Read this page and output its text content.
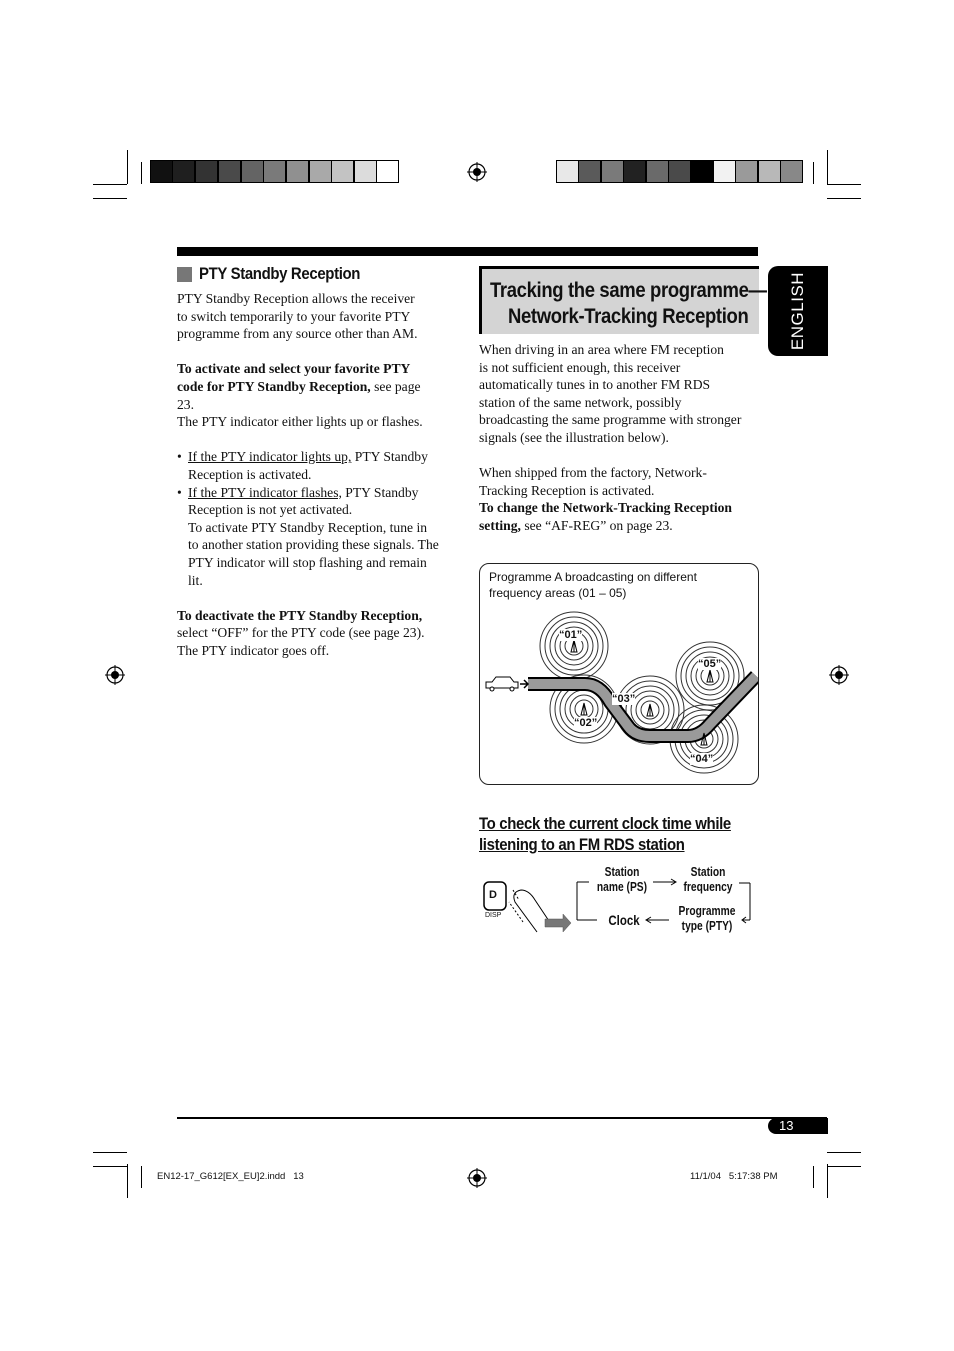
ENGLISH
PTY Standby Reception

PTY Standby Reception allows the receiver

to switch temporarily to your favorite PTY

programme from any source other than AM.

To activate and select your favorite PTY

code for PTY Standby Reception, see page

23.

The PTY indicator either lights up or flashes.

• If the PTY indicator lights up, PTY Standby

Reception is activated.

• If the PTY indicator flashes, PTY Standby

Reception is not yet activated.

To activate PTY Standby Reception, tune in

to another station providing these signals. The

PTY indicator will stop flashing and remain

lit.

To deactivate the PTY Standby Reception,

select “OFF” for the PTY code (see page 23).

The PTY indicator goes off.

Tracking the same programme—
Network-Tracking Reception

When driving in an area where FM reception

is not sufficient enough, this receiver

automatically tunes in to another FM RDS

station of the same network, possibly

broadcasting the same programme with stronger

signals (see the illustration below).

When shipped from the factory, Network-

Tracking Reception is activated.

To change the Network-Tracking Reception

setting, see “AF-REG” on page 23.

Programme A broadcasting on different
frequency areas (01 – 05)
“01”
“02”
“03”
“04”
“05”
To check the current clock time while
listening to an FM RDS station
D
DISP
Station
name (PS)
Station
frequency
Programme
type (PTY)
Clock
13
EN12-17_G612[EX_EU]2.indd   13	11/1/04   5:17:38 PM
